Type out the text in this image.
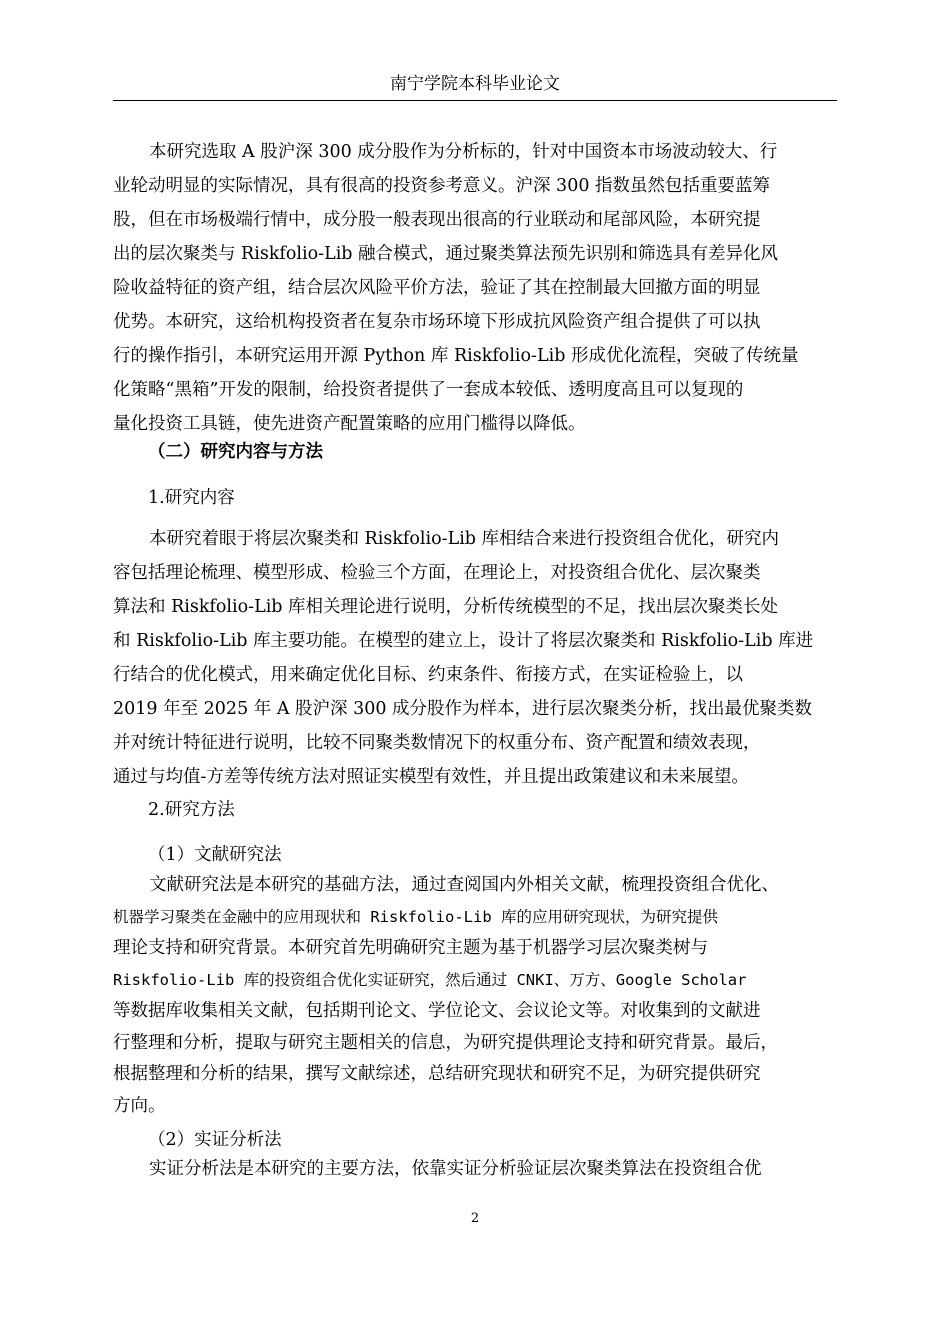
南宁学院本科毕业论文
本研究选取 A 股沪深 300 成分股作为分析标的，针对中国资本市场波动较大、行
业轮动明显的实际情况，具有很高的投资参考意义。沪深 300 指数虽然包括重要蓝筹
股，但在市场极端行情中，成分股一般表现出很高的行业联动和尾部风险，本研究提
出的层次聚类与 Riskfolio-Lib 融合模式，通过聚类算法预先识别和筛选具有差异化风
险收益特征的资产组，结合层次风险平价方法，验证了其在控制最大回撤方面的明显
优势。本研究，这给机构投资者在复杂市场环境下形成抗风险资产组合提供了可以执
行的操作指引，本研究运用开源 Python 库 Riskfolio-Lib 形成优化流程，突破了传统量
化策略“黑箱”开发的限制，给投资者提供了一套成本较低、透明度高且可以复现的
量化投资工具链，使先进资产配置策略的应用门槛得以降低。
（二）研究内容与方法
1.研究内容
本研究着眼于将层次聚类和 Riskfolio-Lib 库相结合来进行投资组合优化，研究内
容包括理论梳理、模型形成、检验三个方面，在理论上，对投资组合优化、层次聚类
算法和 Riskfolio-Lib 库相关理论进行说明，分析传统模型的不足，找出层次聚类长处
和 Riskfolio-Lib 库主要功能。在模型的建立上，设计了将层次聚类和 Riskfolio-Lib 库进
行结合的优化模式，用来确定优化目标、约束条件、衔接方式，在实证检验上，以
2019 年至 2025 年 A 股沪深 300 成分股作为样本，进行层次聚类分析，找出最优聚类数
并对统计特征进行说明，比较不同聚类数情况下的权重分布、资产配置和绩效表现，
通过与均值-方差等传统方法对照证实模型有效性，并且提出政策建议和未来展望。
2.研究方法
（1）文献研究法
文献研究法是本研究的基础方法，通过查阅国内外相关文献，梳理投资组合优化、
机器学习聚类在金融中的应用现状和 Riskfolio-Lib 库的应用研究现状，为研究提供
理论支持和研究背景。本研究首先明确研究主题为基于机器学习层次聚类树与
Riskfolio-Lib 库的投资组合优化实证研究，然后通过 CNKI、万方、Google Scholar
等数据库收集相关文献，包括期刊论文、学位论文、会议论文等。对收集到的文献进
行整理和分析，提取与研究主题相关的信息，为研究提供理论支持和研究背景。最后，
根据整理和分析的结果，撰写文献综述，总结研究现状和研究不足，为研究提供研究
方向。
（2）实证分析法
实证分析法是本研究的主要方法，依靠实证分析验证层次聚类算法在投资组合优
2
